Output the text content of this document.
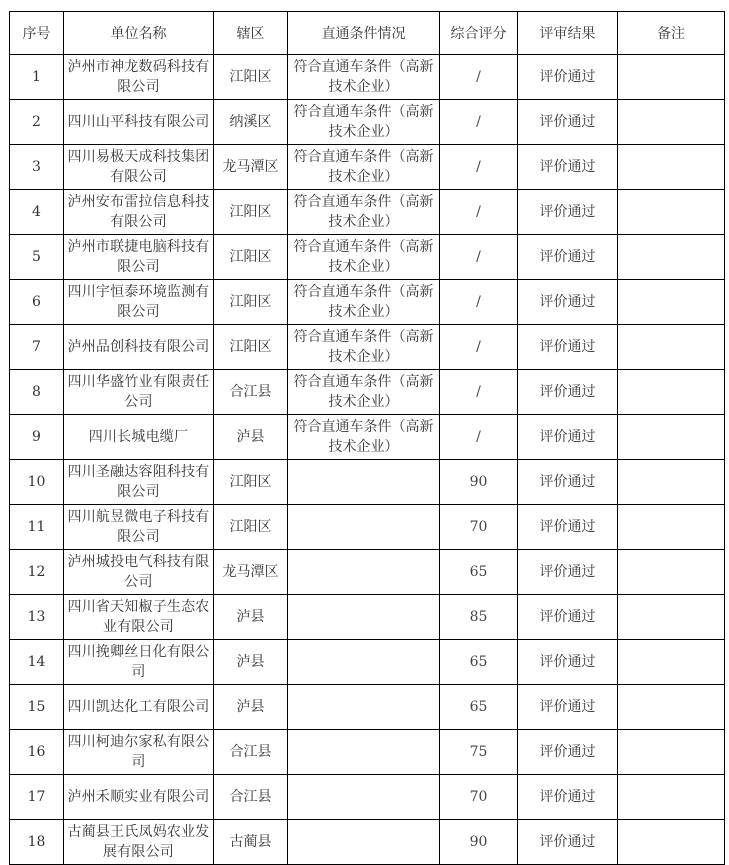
序号	单位名称	辖区	直通条件情况	综合评分	评审结果	备注
1	泸州市神龙数码科技有限公司	江阳区	符合直通车条件（高新技术企业）	/	评价通过	
2	四川山平科技有限公司	纳溪区	符合直通车条件（高新技术企业）	/	评价通过	
3	四川易极天成科技集团有限公司	龙马潭区	符合直通车条件（高新技术企业）	/	评价通过	
4	泸州安布雷拉信息科技有限公司	江阳区	符合直通车条件（高新技术企业）	/	评价通过	
5	泸州市联捷电脑科技有限公司	江阳区	符合直通车条件（高新技术企业）	/	评价通过	
6	四川宇恒泰环境监测有限公司	江阳区	符合直通车条件（高新技术企业）	/	评价通过	
7	泸州品创科技有限公司	江阳区	符合直通车条件（高新技术企业）	/	评价通过	
8	四川华盛竹业有限责任公司	合江县	符合直通车条件（高新技术企业）	/	评价通过	
9	四川长城电缆厂	泸县	符合直通车条件（高新技术企业）	/	评价通过	
10	四川圣融达容阻科技有限公司	江阳区		90	评价通过	
11	四川航昱微电子科技有限公司	江阳区		70	评价通过	
12	泸州城投电气科技有限公司	龙马潭区		65	评价通过	
13	四川省天知椒子生态农业有限公司	泸县		85	评价通过	
14	四川挽卿丝日化有限公司	泸县		65	评价通过	
15	四川凯达化工有限公司	泸县		65	评价通过	
16	四川柯迪尔家私有限公司	合江县		75	评价通过	
17	泸州禾顺实业有限公司	合江县		70	评价通过	
18	古蔺县王氏凤妈农业发展有限公司	古蔺县		90	评价通过	
